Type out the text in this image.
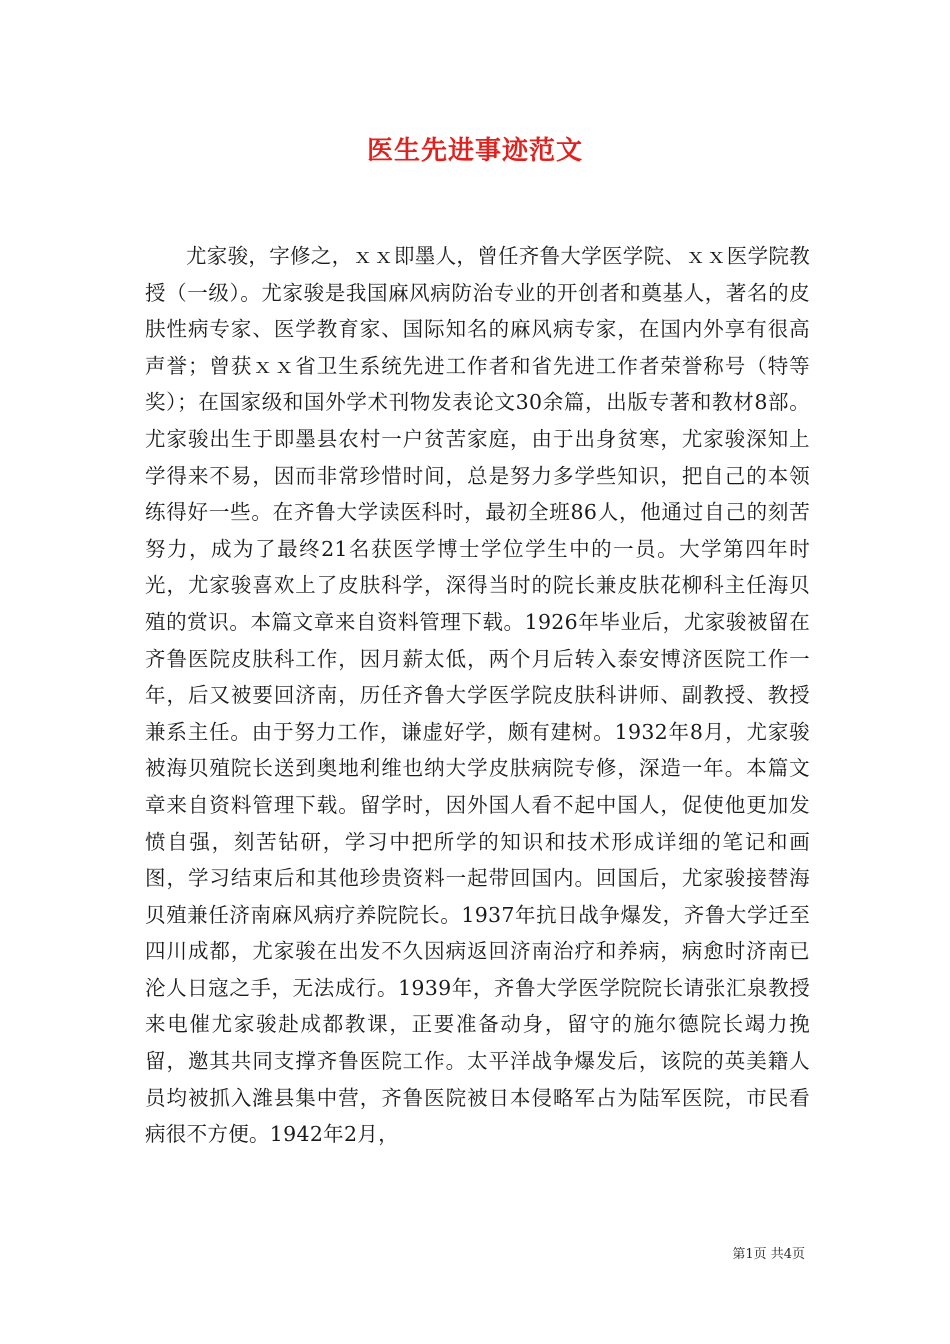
医生先进事迹范文

尤家骏，字修之，ｘｘ即墨人，曾任齐鲁大学医学院、ｘｘ医学院教授（一级）。尤家骏是我国麻风病防治专业的开创者和奠基人，著名的皮肤性病专家、医学教育家、国际知名的麻风病专家，在国内外享有很高声誉；曾获ｘｘ省卫生系统先进工作者和省先进工作者荣誉称号（特等奖）；在国家级和国外学术刊物发表论文30余篇，出版专著和教材8部。尤家骏出生于即墨县农村一户贫苦家庭，由于出身贫寒，尤家骏深知上学得来不易，因而非常珍惜时间，总是努力多学些知识，把自己的本领练得好一些。在齐鲁大学读医科时，最初全班86人，他通过自己的刻苦努力，成为了最终21名获医学博士学位学生中的一员。大学第四年时光，尤家骏喜欢上了皮肤科学，深得当时的院长兼皮肤花柳科主任海贝殖的赏识。本篇文章来自资料管理下载。1926年毕业后，尤家骏被留在齐鲁医院皮肤科工作，因月薪太低，两个月后转入泰安博济医院工作一年，后又被要回济南，历任齐鲁大学医学院皮肤科讲师、副教授、教授兼系主任。由于努力工作，谦虚好学，颇有建树。1932年8月，尤家骏被海贝殖院长送到奥地利维也纳大学皮肤病院专修，深造一年。本篇文章来自资料管理下载。留学时，因外国人看不起中国人，促使他更加发愤自强，刻苦钻研，学习中把所学的知识和技术形成详细的笔记和画图，学习结束后和其他珍贵资料一起带回国内。回国后，尤家骏接替海贝殖兼任济南麻风病疗养院院长。1937年抗日战争爆发，齐鲁大学迁至四川成都，尤家骏在出发不久因病返回济南治疗和养病，病愈时济南已沦人日寇之手，无法成行。1939年，齐鲁大学医学院院长请张汇泉教授来电催尤家骏赴成都教课，正要准备动身，留守的施尔德院长竭力挽留，邀其共同支撑齐鲁医院工作。太平洋战争爆发后，该院的英美籍人员均被抓入潍县集中营，齐鲁医院被日本侵略军占为陆军医院，市民看病很不方便。1942年2月，

第1页 共4页
